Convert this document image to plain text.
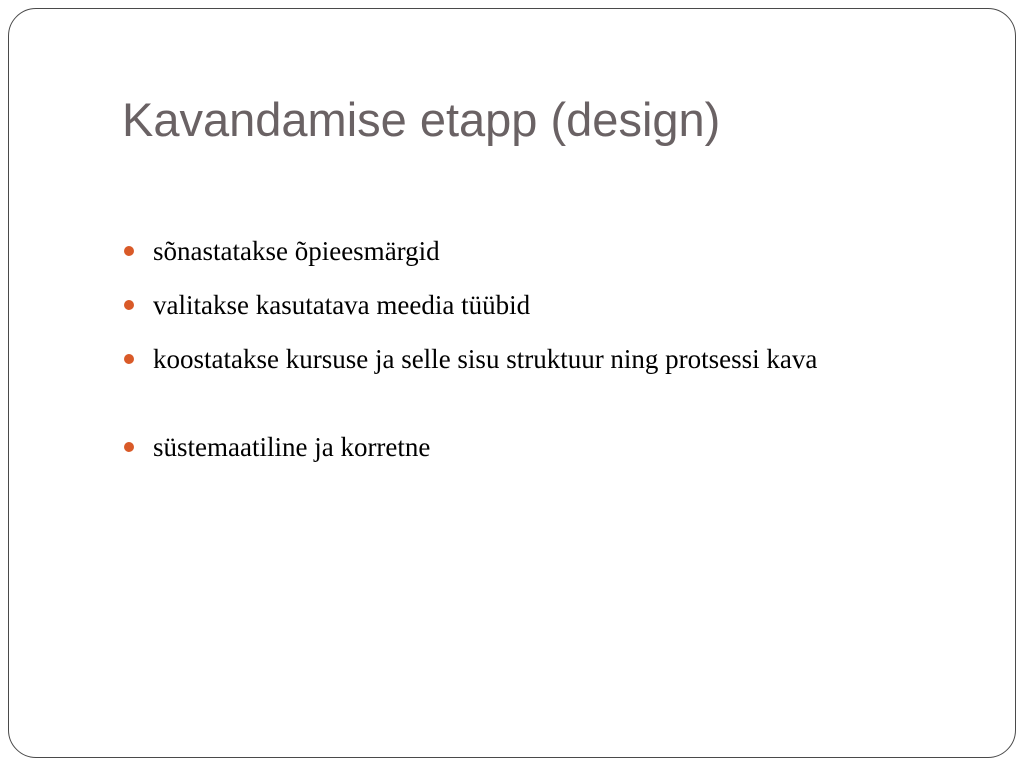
Kavandamise etapp (design)
sõnastatakse õpieesmärgid
valitakse kasutatava meedia tüübid
koostatakse kursuse ja selle sisu struktuur ning protsessi kava
süstemaatiline ja korretne
